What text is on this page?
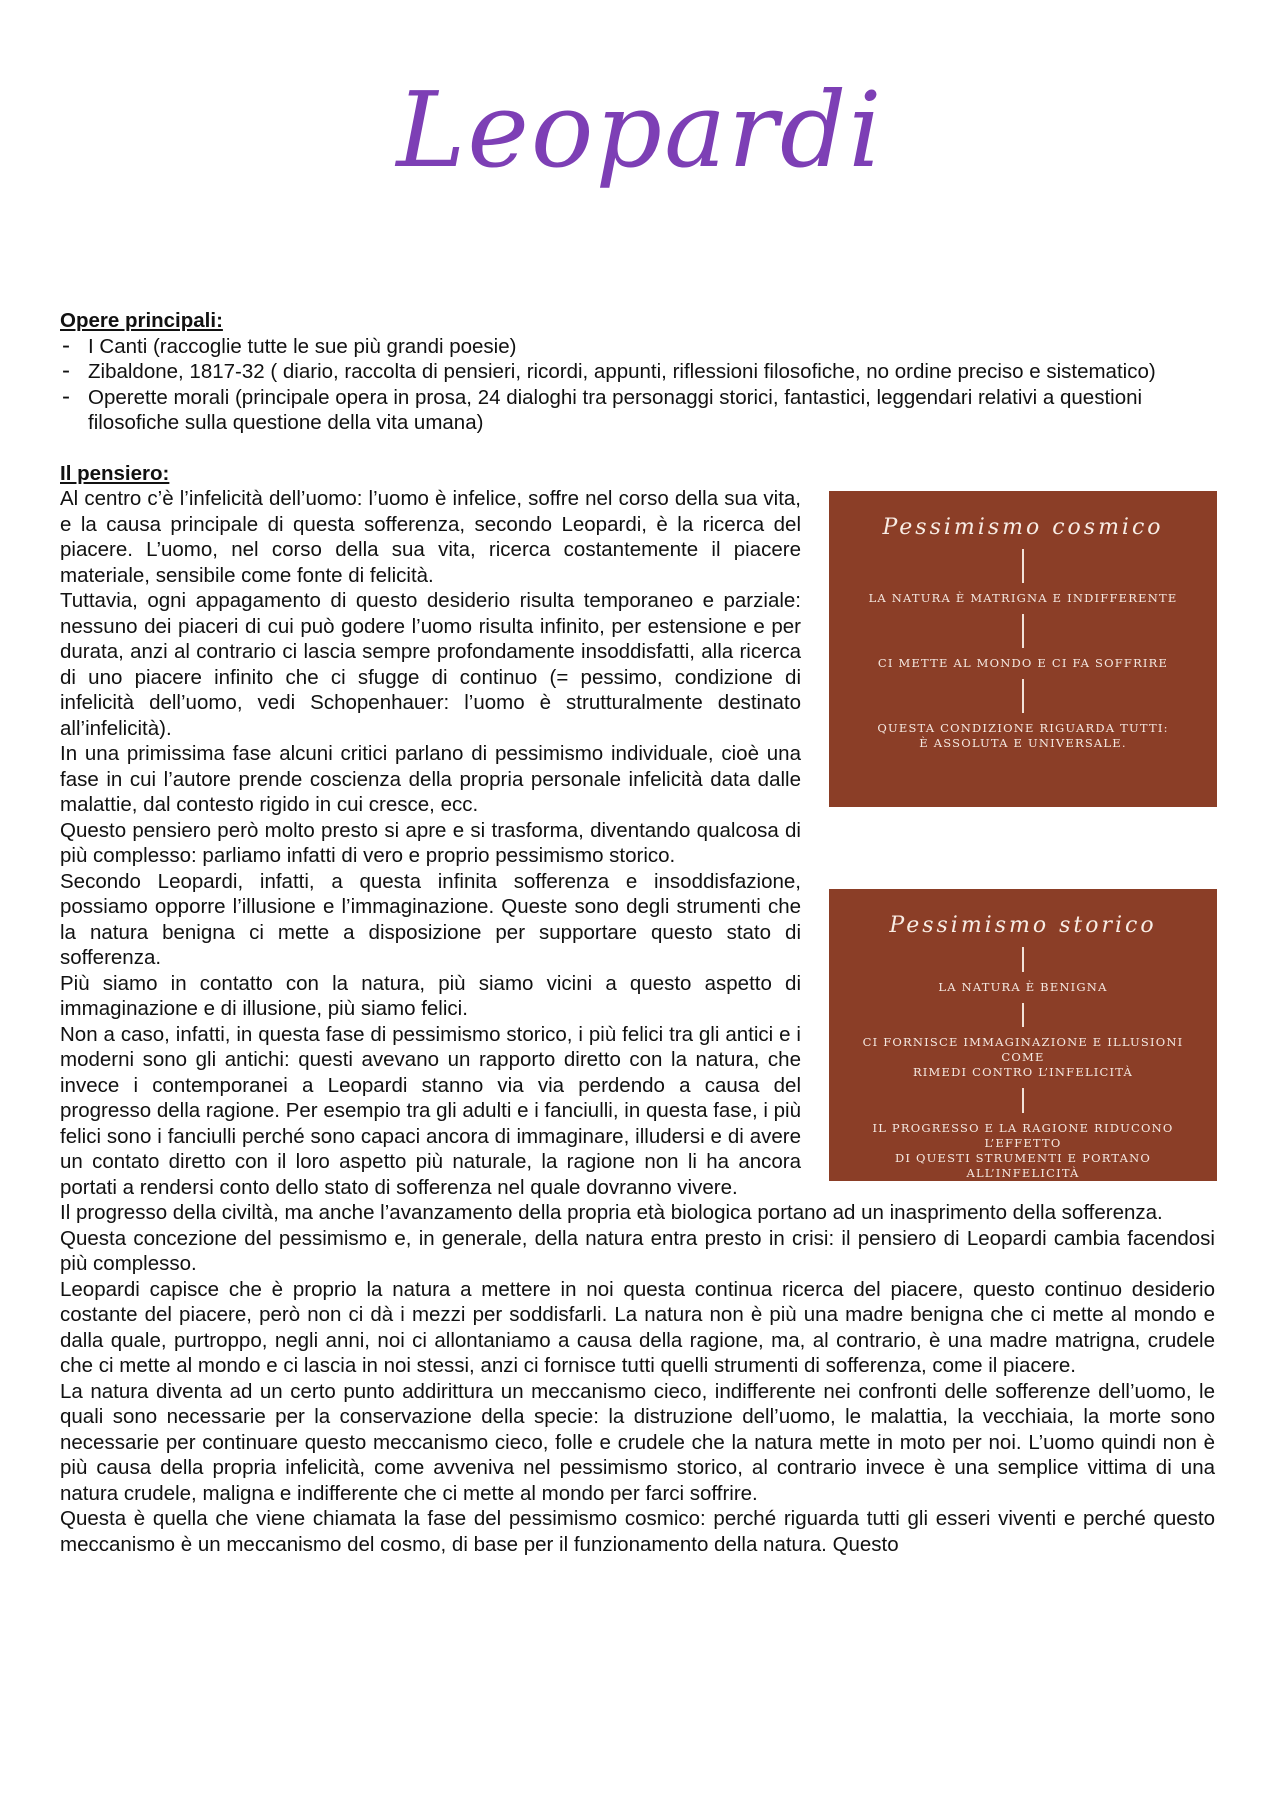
Leopardi

Opere principali:

- I Canti (raccoglie tutte le sue più grandi poesie)
- Zibaldone, 1817-32 ( diario, raccolta di pensieri, ricordi, appunti, riflessioni filosofiche, no ordine preciso e sistematico)
- Operette morali (principale opera in prosa, 24 dialoghi tra personaggi storici, fantastici, leggendari relativi a questioni filosofiche sulla questione della vita umana)

Il pensiero:

Pessimismo cosmico
LA NATURA È MATRIGNA E INDIFFERENTE
CI METTE AL MONDO E CI FA SOFFRIRE
QUESTA CONDIZIONE RIGUARDA TUTTI:
È ASSOLUTA E UNIVERSALE.
Pessimismo storico
LA NATURA È BENIGNA
CI FORNISCE IMMAGINAZIONE E ILLUSIONI COME
RIMEDI CONTRO L’INFELICITÀ
IL PROGRESSO E LA RAGIONE RIDUCONO L’EFFETTO
DI QUESTI STRUMENTI E PORTANO ALL’INFELICITÀ

Al centro c’è l’infelicità dell’uomo: l’uomo è infelice, soffre nel corso della sua vita, e la causa principale di questa sofferenza, secondo Leopardi, è la ricerca del piacere. L’uomo, nel corso della sua vita, ricerca costantemente il piacere materiale, sensibile come fonte di felicità.

Tuttavia, ogni appagamento di questo desiderio risulta temporaneo e parziale: nessuno dei piaceri di cui può godere l’uomo risulta infinito, per estensione e per durata, anzi al contrario ci lascia sempre profondamente insoddisfatti, alla ricerca di uno piacere infinito che ci sfugge di continuo (= pessimo, condizione di infelicità dell’uomo, vedi Schopenhauer: l’uomo è strutturalmente destinato all’infelicità).

In una primissima fase alcuni critici parlano di pessimismo individuale, cioè una fase in cui l’autore prende coscienza della propria personale infelicità data dalle malattie, dal contesto rigido in cui cresce, ecc.

Questo pensiero però molto presto si apre e si trasforma, diventando qualcosa di più complesso: parliamo infatti di vero e proprio pessimismo storico.

Secondo Leopardi, infatti, a questa infinita sofferenza e insoddisfazione, possiamo opporre l’illusione e l’immaginazione. Queste sono degli strumenti che la natura benigna ci mette a disposizione per supportare questo stato di sofferenza.

Più siamo in contatto con la natura, più siamo vicini a questo aspetto di immaginazione e di illusione, più siamo felici.

Non a caso, infatti, in questa fase di pessimismo storico, i più felici tra gli antici e i moderni sono gli antichi: questi avevano un rapporto diretto con la natura, che invece i contemporanei a Leopardi stanno via via perdendo a causa del progresso della ragione. Per esempio tra gli adulti e i fanciulli, in questa fase, i più felici sono i fanciulli perché sono capaci ancora di immaginare, illudersi e di avere un contato diretto con il loro aspetto più naturale, la ragione non li ha ancora portati a rendersi conto dello stato di sofferenza nel quale dovranno vivere.

Il progresso della civiltà, ma anche l’avanzamento della propria età biologica portano ad un inasprimento della sofferenza.

Questa concezione del pessimismo e, in generale, della natura entra presto in crisi: il pensiero di Leopardi cambia facendosi più complesso.

Leopardi capisce che è proprio la natura a mettere in noi questa continua ricerca del piacere, questo continuo desiderio costante del piacere, però non ci dà i mezzi per soddisfarli. La natura non è più una madre benigna che ci mette al mondo e dalla quale, purtroppo, negli anni, noi ci allontaniamo a causa della ragione, ma, al contrario, è una madre matrigna, crudele che ci mette al mondo e ci lascia in noi stessi, anzi ci fornisce tutti quelli strumenti di sofferenza, come il piacere.

La natura diventa ad un certo punto addirittura un meccanismo cieco, indifferente nei confronti delle sofferenze dell’uomo, le quali sono necessarie per la conservazione della specie: la distruzione dell’uomo, le malattia, la vecchiaia, la morte sono necessarie per continuare questo meccanismo cieco, folle e crudele che la natura mette in moto per noi. L’uomo quindi non è più causa della propria infelicità, come avveniva nel pessimismo storico, al contrario invece è una semplice vittima di una natura crudele, maligna e indifferente che ci mette al mondo per farci soffrire.

Questa è quella che viene chiamata la fase del pessimismo cosmico: perché riguarda tutti gli esseri viventi e perché questo meccanismo è un meccanismo del cosmo, di base per il funzionamento della natura. Questo
